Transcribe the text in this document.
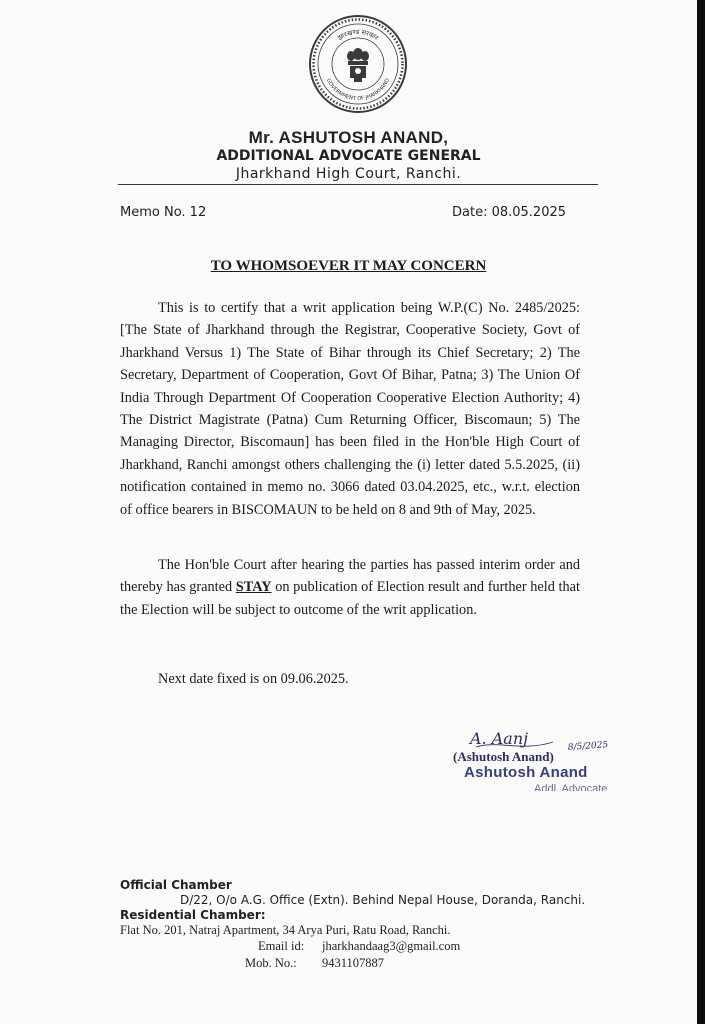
झारखण्ड सरकार
GOVERNMENT OF JHARKHAND
Mr. ASHUTOSH ANAND,
ADDITIONAL ADVOCATE GENERAL
Jharkhand High Court, Ranchi.
Memo No. 12	Date: 08.05.2025
TO WHOMSOEVER IT MAY CONCERN
This is to certify that a writ application being W.P.(C) No. 2485/2025: [The State of Jharkhand through the Registrar, Cooperative Society, Govt of Jharkhand Versus 1) The State of Bihar through its Chief Secretary; 2) The Secretary, Department of Cooperation, Govt Of Bihar, Patna; 3) The Union Of India Through Department Of Cooperation Cooperative Election Authority; 4) The District Magistrate (Patna) Cum Returning Officer, Biscomaun; 5) The Managing Director, Biscomaun] has been filed in the Hon'ble High Court of Jharkhand, Ranchi amongst others challenging the (i) letter dated 5.5.2025, (ii) notification contained in memo no. 3066 dated 03.04.2025, etc., w.r.t. election of office bearers in BISCOMAUN to be held on 8 and 9th of May, 2025.
The Hon'ble Court after hearing the parties has passed interim order and thereby has granted STAY on publication of Election result and further held that the Election will be subject to outcome of the writ application.
Next date fixed is on 09.06.2025.
A. Aanj	8/5/2025
(Ashutosh Anand)
Ashutosh Anand
Addl. Advocate
Official Chamber
D/22, O/o A.G. Office (Extn). Behind Nepal House, Doranda, Ranchi.
Residential Chamber:
Flat No. 201, Natraj Apartment, 34 Arya Puri, Ratu Road, Ranchi.
Email id: jharkhandaag3@gmail.com
Mob. No.: 9431107887
